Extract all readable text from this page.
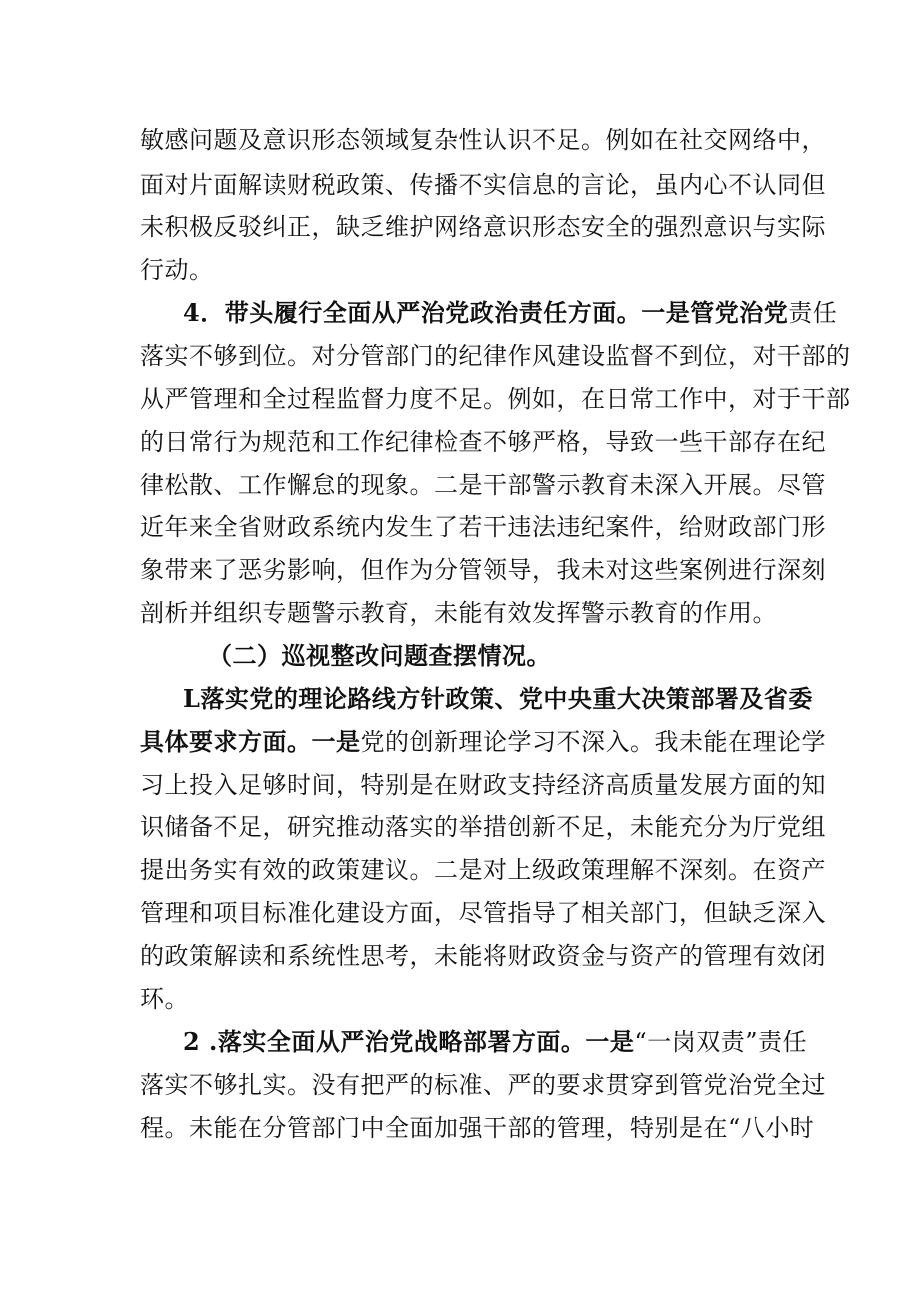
敏感问题及意识形态领域复杂性认识不足。例如在社交网络中，
面对片面解读财税政策、传播不实信息的言论，虽内心不认同但
未积极反驳纠正，缺乏维护网络意识形态安全的强烈意识与实际
行动。
4．带头履行全面从严治党政治责任方面。一是管党治党责任
落实不够到位。对分管部门的纪律作风建设监督不到位，对干部的
从严管理和全过程监督力度不足。例如，在日常工作中，对于干部
的日常行为规范和工作纪律检查不够严格，导致一些干部存在纪
律松散、工作懈怠的现象。二是干部警示教育未深入开展。尽管
近年来全省财政系统内发生了若干违法违纪案件，给财政部门形
象带来了恶劣影响，但作为分管领导，我未对这些案例进行深刻
剖析并组织专题警示教育，未能有效发挥警示教育的作用。
（二）巡视整改问题查摆情况。
L落实党的理论路线方针政策、党中央重大决策部署及省委
具体要求方面。一是党的创新理论学习不深入。我未能在理论学
习上投入足够时间，特别是在财政支持经济高质量发展方面的知
识储备不足，研究推动落实的举措创新不足，未能充分为厅党组
提出务实有效的政策建议。二是对上级政策理解不深刻。在资产
管理和项目标准化建设方面，尽管指导了相关部门，但缺乏深入
的政策解读和系统性思考，未能将财政资金与资产的管理有效闭
环。
2 .落实全面从严治党战略部署方面。一是“一岗双责”责任
落实不够扎实。没有把严的标准、严的要求贯穿到管党治党全过
程。未能在分管部门中全面加强干部的管理，特别是在“八小时
